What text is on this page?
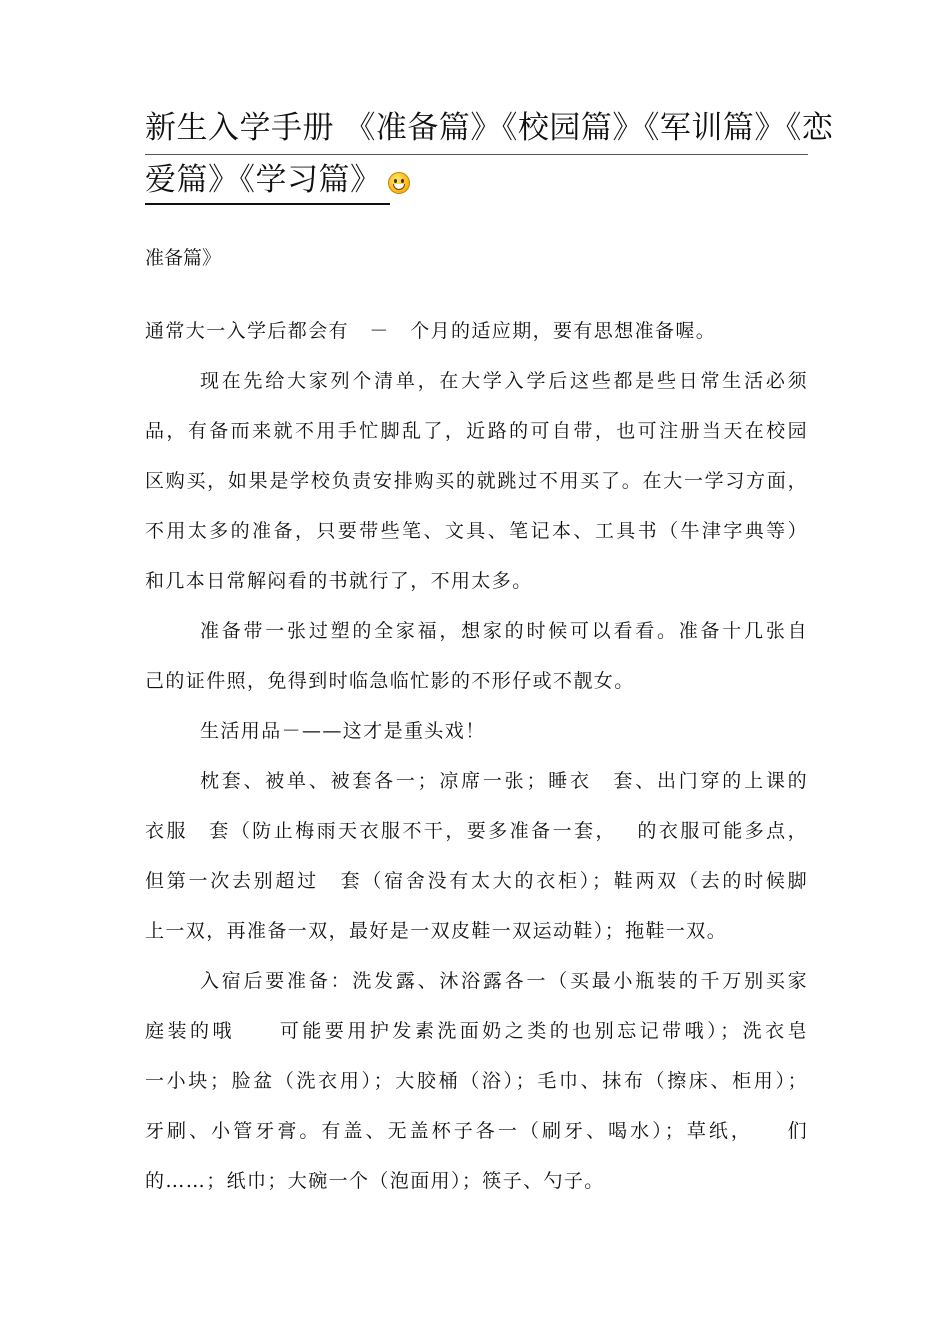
新生入学手册 《准备篇》《校园篇》《军训篇》《恋
爱篇》《学习篇》
准备篇》
通常大一入学后都会有　－　个月的适应期，要有思想准备喔。
现在先给大家列个清单，在大学入学后这些都是些日常生活必须
品，有备而来就不用手忙脚乱了，近路的可自带，也可注册当天在校园
区购买，如果是学校负责安排购买的就跳过不用买了。在大一学习方面，
不用太多的准备，只要带些笔、文具、笔记本、工具书（牛津字典等）
和几本日常解闷看的书就行了，不用太多。
准备带一张过塑的全家福，想家的时候可以看看。准备十几张自
己的证件照，免得到时临急临忙影的不形仔或不靓女。
生活用品－——这才是重头戏！
枕套、被单、被套各一；凉席一张；睡衣　套、出门穿的上课的
衣服　套（防止梅雨天衣服不干，要多准备一套，　 的衣服可能多点，
但第一次去别超过　套（宿舍没有太大的衣柜）；鞋两双（去的时候脚
上一双，再准备一双，最好是一双皮鞋一双运动鞋）；拖鞋一双。
入宿后要准备：洗发露、沐浴露各一（买最小瓶装的千万别买家
庭装的哦　　可能要用护发素洗面奶之类的也别忘记带哦）；洗衣皂
一小块；脸盆（洗衣用）；大胶桶（浴）；毛巾、抹布（擦床、柜用）；
牙刷、小管牙膏。有盖、无盖杯子各一（刷牙、喝水）；草纸，　　们
的……；纸巾；大碗一个（泡面用）；筷子、勺子。
